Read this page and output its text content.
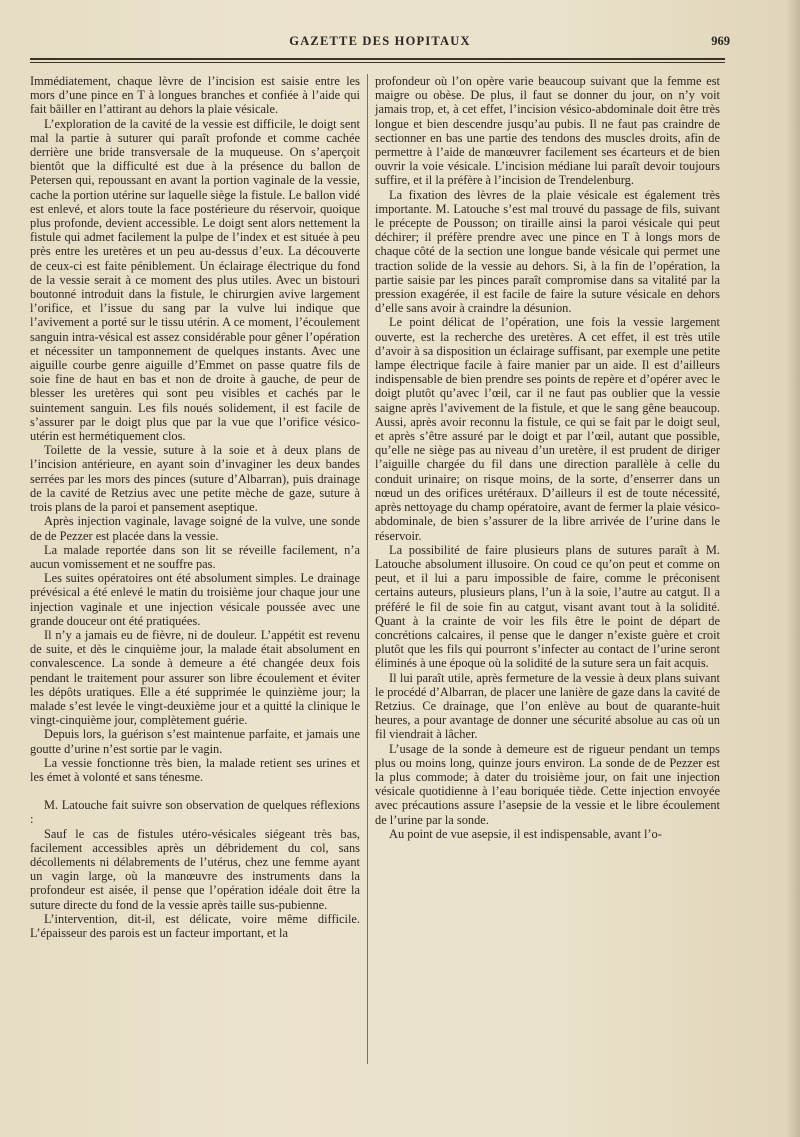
GAZETTE DES HOPITAUX	969

Immédiatement, chaque lèvre de l’incision est saisie entre les mors d’une pince en T à longues branches et confiée à l’aide qui fait bâiller en l’attirant au dehors la plaie vésicale.

L’exploration de la cavité de la vessie est difficile, le doigt sent mal la partie à suturer qui paraît profonde et comme cachée derrière une bride transversale de la muqueuse. On s’aperçoit bientôt que la difficulté est due à la présence du ballon de Petersen qui, repoussant en avant la portion vaginale de la vessie, cache la portion utérine sur laquelle siège la fistule. Le ballon vidé est enlevé, et alors toute la face postérieure du réservoir, quoique plus profonde, devient accessible. Le doigt sent alors nettement la fistule qui admet facilement la pulpe de l’index et est située à peu près entre les uretères et un peu au-dessus d’eux. La découverte de ceux-ci est faite péniblement. Un éclairage électrique du fond de la vessie serait à ce moment des plus utiles. Avec un bistouri boutonné introduit dans la fistule, le chirurgien avive largement l’orifice, et l’issue du sang par la vulve lui indique que l’avivement a porté sur le tissu utérin. A ce moment, l’écoulement sanguin intra-vésical est assez considérable pour gêner l’opération et nécessiter un tamponnement de quelques instants. Avec une aiguille courbe genre aiguille d’Emmet on passe quatre fils de soie fine de haut en bas et non de droite à gauche, de peur de blesser les uretères qui sont peu visibles et cachés par le suintement sanguin. Les fils noués solidement, il est facile de s’assurer par le doigt plus que par la vue que l’orifice vésico-utérin est hermétiquement clos.

Toilette de la vessie, suture à la soie et à deux plans de l’incision antérieure, en ayant soin d’invaginer les deux bandes serrées par les mors des pinces (suture d’Albarran), puis drainage de la cavité de Retzius avec une petite mèche de gaze, suture à trois plans de la paroi et pansement aseptique.

Après injection vaginale, lavage soigné de la vulve, une sonde de de Pezzer est placée dans la vessie.

La malade reportée dans son lit se réveille facilement, n’a aucun vomissement et ne souffre pas.

Les suites opératoires ont été absolument simples. Le drainage prévésical a été enlevé le matin du troisième jour chaque jour une injection vaginale et une injection vésicale poussée avec une grande douceur ont été pratiquées.

Il n’y a jamais eu de fièvre, ni de douleur. L’appétit est revenu de suite, et dès le cinquième jour, la malade était absolument en convalescence. La sonde à demeure a été changée deux fois pendant le traitement pour assurer son libre écoulement et éviter les dépôts uratiques. Elle a été supprimée le quinzième jour; la malade s’est levée le vingt-deuxième jour et a quitté la clinique le vingt-cinquième jour, complètement guérie.

Depuis lors, la guérison s’est maintenue parfaite, et jamais une goutte d’urine n’est sortie par le vagin.

La vessie fonctionne très bien, la malade retient ses urines et les émet à volonté et sans ténesme.

M. Latouche fait suivre son observation de quelques réflexions :

Sauf le cas de fistules utéro-vésicales siégeant très bas, facilement accessibles après un débridement du col, sans décollements ni délabrements de l’utérus, chez une femme ayant un vagin large, où la manœuvre des instruments dans la profondeur est aisée, il pense que l’opération idéale doit être la suture directe du fond de la vessie après taille sus-pubienne.

L’intervention, dit-il, est délicate, voire même difficile. L’épaisseur des parois est un facteur important, et la

profondeur où l’on opère varie beaucoup suivant que la femme est maigre ou obèse. De plus, il faut se donner du jour, on n’y voit jamais trop, et, à cet effet, l’incision vésico-abdominale doit être très longue et bien descendre jusqu’au pubis. Il ne faut pas craindre de sectionner en bas une partie des tendons des muscles droits, afin de permettre à l’aide de manœuvrer facilement ses écarteurs et de bien ouvrir la voie vésicale. L’incision médiane lui paraît devoir toujours suffire, et il la préfère à l’incision de Trendelenburg.

La fixation des lèvres de la plaie vésicale est également très importante. M. Latouche s’est mal trouvé du passage de fils, suivant le précepte de Pousson; on tiraille ainsi la paroi vésicale qui peut déchirer; il préfère prendre avec une pince en T à longs mors de chaque côté de la section une longue bande vésicale qui permet une traction solide de la vessie au dehors. Si, à la fin de l’opération, la partie saisie par les pinces paraît compromise dans sa vitalité par la pression exagérée, il est facile de faire la suture vésicale en dehors d’elle sans avoir à craindre la désunion.

Le point délicat de l’opération, une fois la vessie largement ouverte, est la recherche des uretères. A cet effet, il est très utile d’avoir à sa disposition un éclairage suffisant, par exemple une petite lampe électrique facile à faire manier par un aide. Il est d’ailleurs indispensable de bien prendre ses points de repère et d’opérer avec le doigt plutôt qu’avec l’œil, car il ne faut pas oublier que la vessie saigne après l’avivement de la fistule, et que le sang gêne beaucoup. Aussi, après avoir reconnu la fistule, ce qui se fait par le doigt seul, et après s’être assuré par le doigt et par l’œil, autant que possible, qu’elle ne siège pas au niveau d’un uretère, il est prudent de diriger l’aiguille chargée du fil dans une direction parallèle à celle du conduit urinaire; on risque moins, de la sorte, d’enserrer dans un nœud un des orifices urétéraux. D’ailleurs il est de toute nécessité, après nettoyage du champ opératoire, avant de fermer la plaie vésico-abdominale, de bien s’assurer de la libre arrivée de l’urine dans le réservoir.

La possibilité de faire plusieurs plans de sutures paraît à M. Latouche absolument illusoire. On coud ce qu’on peut et comme on peut, et il lui a paru impossible de faire, comme le préconisent certains auteurs, plusieurs plans, l’un à la soie, l’autre au catgut. Il a préféré le fil de soie fin au catgut, visant avant tout à la solidité. Quant à la crainte de voir les fils être le point de départ de concrétions calcaires, il pense que le danger n’existe guère et croit plutôt que les fils qui pourront s’infecter au contact de l’urine seront éliminés à une époque où la solidité de la suture sera un fait acquis.

Il lui paraît utile, après fermeture de la vessie à deux plans suivant le procédé d’Albarran, de placer une lanière de gaze dans la cavité de Retzius. Ce drainage, que l’on enlève au bout de quarante-huit heures, a pour avantage de donner une sécurité absolue au cas où un fil viendrait à lâcher.

L’usage de la sonde à demeure est de rigueur pendant un temps plus ou moins long, quinze jours environ. La sonde de de Pezzer est la plus commode; à dater du troisième jour, on fait une injection vésicale quotidienne à l’eau boriquée tiède. Cette injection envoyée avec précautions assure l’asepsie de la vessie et le libre écoulement de l’urine par la sonde.

Au point de vue asepsie, il est indispensable, avant l’o-
